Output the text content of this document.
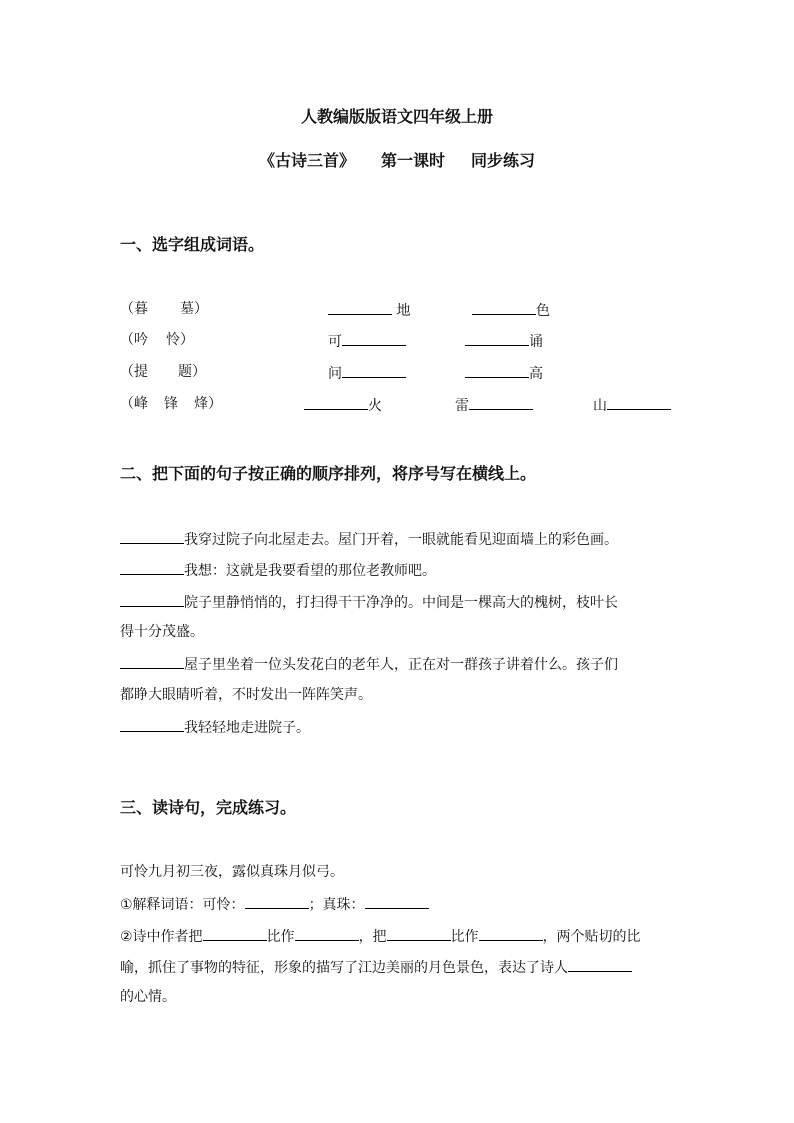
人教编版版语文四年级上册
《古诗三首》 第一课时 同步练习
一、选字组成词语。
（暮 墓）	地	色
（吟 怜）	可	诵
（提 题）	问	高
（峰 锋 烽）	火	雷	山
二、把下面的句子按正确的顺序排列，将序号写在横线上。
我穿过院子向北屋走去。屋门开着，一眼就能看见迎面墙上的彩色画。
我想：这就是我要看望的那位老教师吧。
院子里静悄悄的，打扫得干干净净的。中间是一棵高大的槐树，枝叶长
得十分茂盛。
屋子里坐着一位头发花白的老年人，正在对一群孩子讲着什么。孩子们
都睁大眼睛听着，不时发出一阵阵笑声。
我轻轻地走进院子。
三、读诗句，完成练习。
可怜九月初三夜，露似真珠月似弓。
①解释词语：可怜：	；真珠：
②诗中作者把	比作	，把	比作	，两个贴切的比
喻，抓住了事物的特征，形象的描写了江边美丽的月色景色，表达了诗人
的心情。
